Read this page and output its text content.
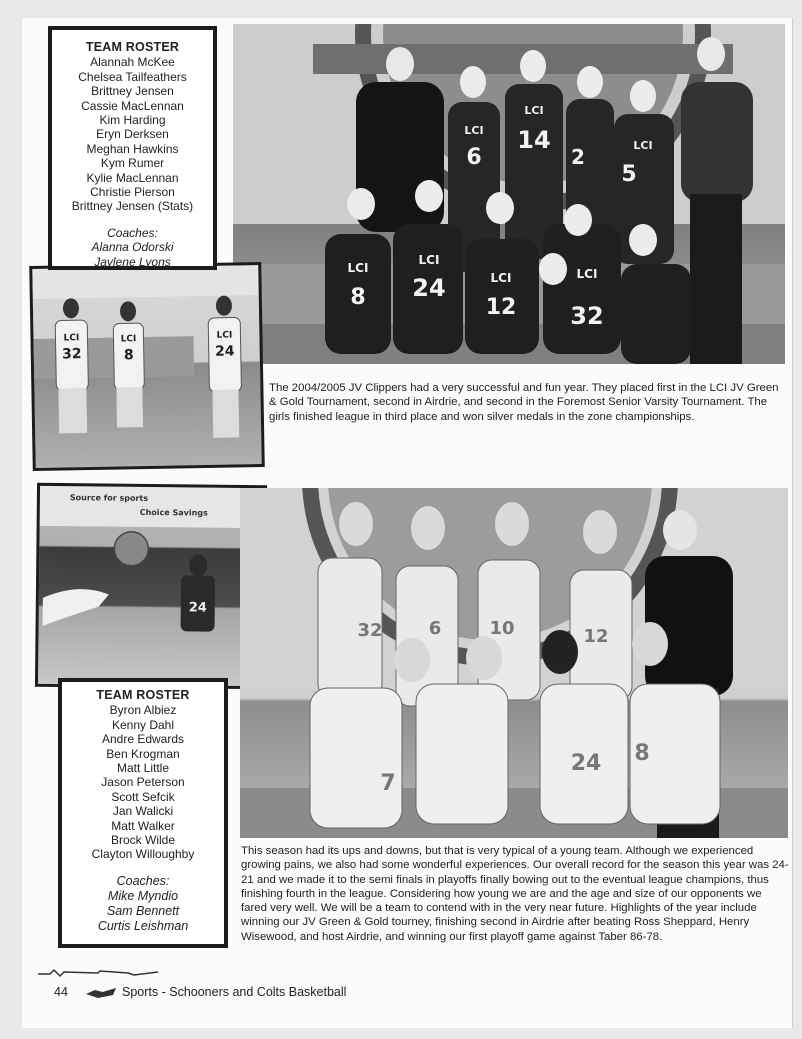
LCI
6
LCI
14
2	LCI
5
LCI
8
LCI
24	LCI
12
LCI
32
LCI
32
LCI
8
LCI
24
TEAM ROSTER
Alannah McKee
Chelsea Tailfeathers
Brittney Jensen
Cassie MacLennan
Kim Harding
Eryn Derksen
Meghan Hawkins
Kym Rumer
Kylie MacLennan
Christie Pierson
Brittney Jensen (Stats)
Coaches:
Alanna Odorski
Jaylene Lyons

The 2004/2005 JV Clippers had a very successful and fun year. They placed first in the LCI JV Green & Gold Tournament, second in Airdrie, and second in the Foremost Senior Varsity Tournament. The girls finished league in third place and won silver medals in the zone championships.

Source for sports
Choice Savings
24
32	6	10	12
7
24 8
TEAM ROSTER
Byron Albiez
Kenny Dahl
Andre Edwards
Ben Krogman
Matt Little
Jason Peterson
Scott Sefcik
Jan Walicki
Matt Walker
Brock Wilde
Clayton Willoughby
Coaches:
Mike Myndio
Sam Bennett
Curtis Leishman

This season had its ups and downs, but that is very typical of a young team. Although we experienced growing pains, we also had some wonderful experiences. Our overall record for the season this year was 24-21 and we made it to the semi finals in playoffs finally bowing out to the eventual league champions, thus finishing fourth in the league. Considering how young we are and the age and size of our opponents we fared very well. We will be a team to contend with in the very near future. Highlights of the year include winning our JV Green & Gold tourney, finishing second in Airdrie after beating Ross Sheppard, Henry Wisewood, and host Airdrie, and winning our first playoff game against Taber 86-78.

44	Sports - Schooners and Colts Basketball
